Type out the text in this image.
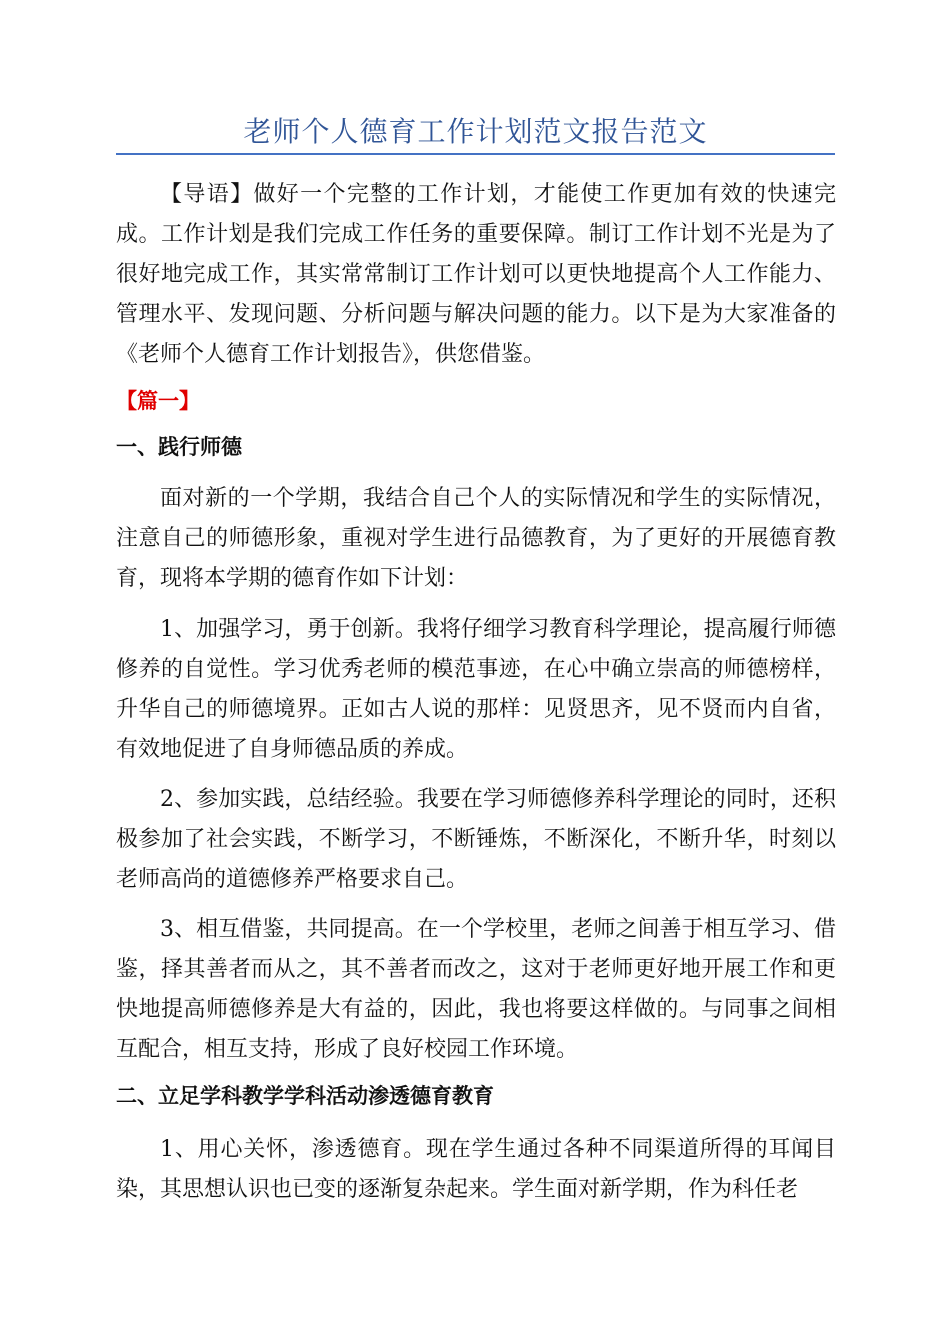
老师个人德育工作计划范文报告范文

【导语】做好一个完整的工作计划，才能使工作更加有效的快速完成。工作计划是我们完成工作任务的重要保障。制订工作计划不光是为了很好地完成工作，其实常常制订工作计划可以更快地提高个人工作能力、管理水平、发现问题、分析问题与解决问题的能力。以下是为大家准备的《老师个人德育工作计划报告》，供您借鉴。

【篇一】
一、践行师德

面对新的一个学期，我结合自己个人的实际情况和学生的实际情况，注意自己的师德形象，重视对学生进行品德教育，为了更好的开展德育教育，现将本学期的德育作如下计划：

1、加强学习，勇于创新。我将仔细学习教育科学理论，提高履行师德修养的自觉性。学习优秀老师的模范事迹，在心中确立崇高的师德榜样，升华自己的师德境界。正如古人说的那样：见贤思齐，见不贤而内自省，有效地促进了自身师德品质的养成。

2、参加实践，总结经验。我要在学习师德修养科学理论的同时，还积极参加了社会实践，不断学习，不断锤炼，不断深化，不断升华，时刻以老师高尚的道德修养严格要求自己。

3、相互借鉴，共同提高。在一个学校里，老师之间善于相互学习、借鉴，择其善者而从之，其不善者而改之，这对于老师更好地开展工作和更快地提高师德修养是大有益的，因此，我也将要这样做的。与同事之间相互配合，相互支持，形成了良好校园工作环境。

二、立足学科教学学科活动渗透德育教育

1、用心关怀，渗透德育。现在学生通过各种不同渠道所得的耳闻目染，其思想认识也已变的逐渐复杂起来。学生面对新学期，作为科任老
